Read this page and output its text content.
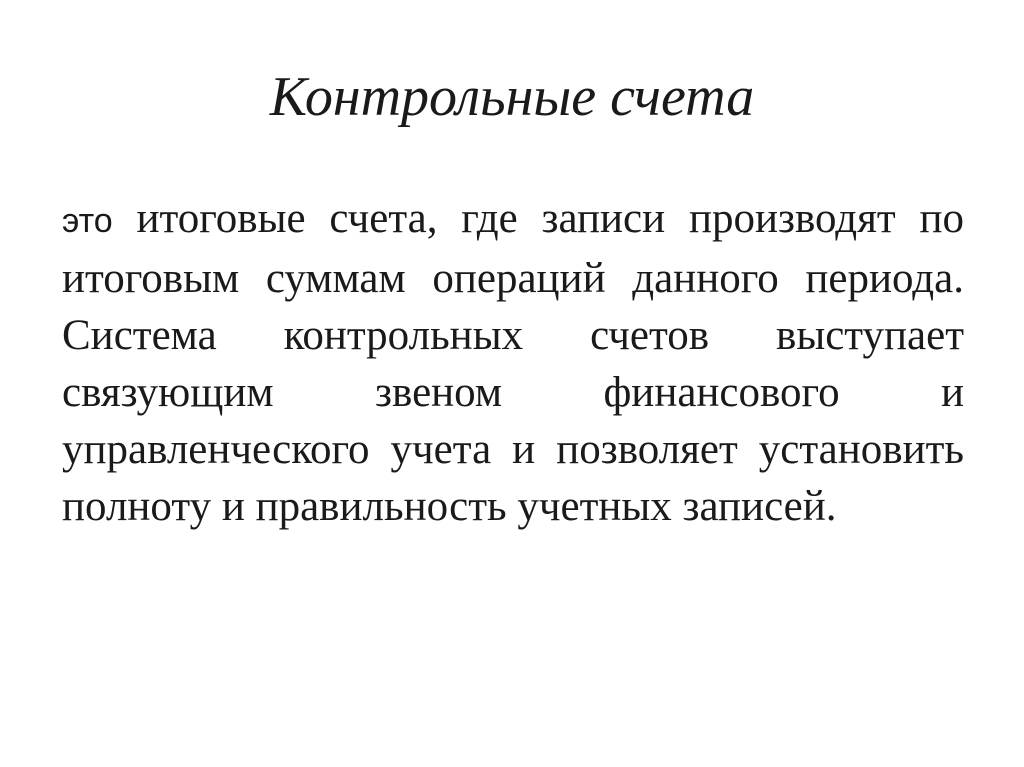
Контрольные счета

это итоговые счета, где записи производят по итоговым суммам операций данного периода. Система контрольных счетов выступает связующим звеном финансового и управленческого учета и позволяет установить полноту и правильность учетных записей.
